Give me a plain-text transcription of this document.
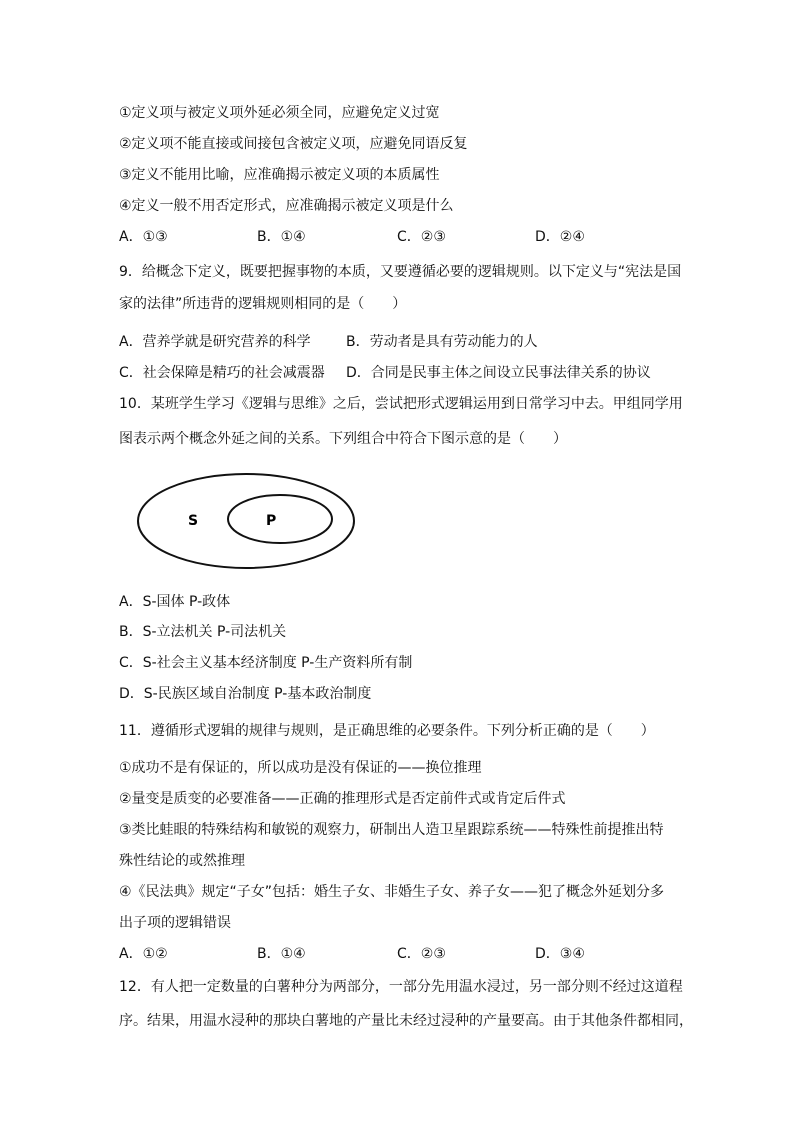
①定义项与被定义项外延必须全同，应避免定义过宽
②定义项不能直接或间接包含被定义项，应避免同语反复
③定义不能用比喻，应准确揭示被定义项的本质属性
④定义一般不用否定形式，应准确揭示被定义项是什么
A．①③	B．①④	C．②③	D．②④
9．给概念下定义，既要把握事物的本质，又要遵循必要的逻辑规则。以下定义与“宪法是国
家的法律”所违背的逻辑规则相同的是（　　）
A．营养学就是研究营养的科学	B．劳动者是具有劳动能力的人
C．社会保障是精巧的社会减震器 D．合同是民事主体之间设立民事法律关系的协议
10．某班学生学习《逻辑与思维》之后，尝试把形式逻辑运用到日常学习中去。甲组同学用
图表示两个概念外延之间的关系。下列组合中符合下图示意的是（　　）
S	P
A．S-国体 P-政体
B．S-立法机关 P-司法机关
C．S-社会主义基本经济制度 P-生产资料所有制
D．S-民族区域自治制度 P-基本政治制度
11．遵循形式逻辑的规律与规则，是正确思维的必要条件。下列分析正确的是（　　）
①成功不是有保证的，所以成功是没有保证的——换位推理
②量变是质变的必要准备——正确的推理形式是否定前件式或肯定后件式
③类比蛙眼的特殊结构和敏锐的观察力，研制出人造卫星跟踪系统——特殊性前提推出特
殊性结论的或然推理
④《民法典》规定“子女”包括：婚生子女、非婚生子女、养子女——犯了概念外延划分多
出子项的逻辑错误
A．①②	B．①④	C．②③	D．③④
12．有人把一定数量的白薯种分为两部分，一部分先用温水浸过，另一部分则不经过这道程
序。结果，用温水浸种的那块白薯地的产量比未经过浸种的产量要高。由于其他条件都相同，
